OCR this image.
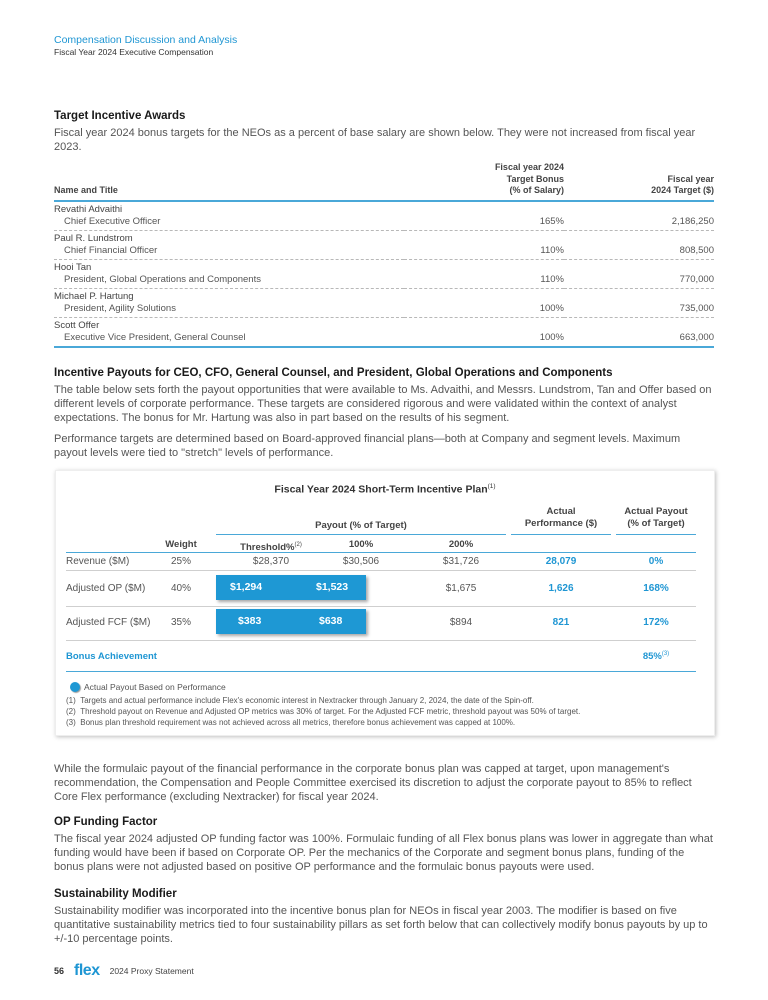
Compensation Discussion and Analysis
Fiscal Year 2024 Executive Compensation
Target Incentive Awards
Fiscal year 2024 bonus targets for the NEOs as a percent of base salary are shown below. They were not increased from fiscal year 2023.
Name and Title	
Fiscal year 2024
Target Bonus
(% of Salary)

Fiscal year
2024 Target ($)

Revathi Advaithi
Chief Executive Officer	165%	2,186,250

Paul R. Lundstrom
Chief Financial Officer	110%	808,500

Hooi Tan
President, Global Operations and Components	110%	770,000

Michael P. Hartung
President, Agility Solutions	100%	735,000

Scott Offer
Executive Vice President, General Counsel	100%	663,000
Incentive Payouts for CEO, CFO, General Counsel, and President, Global Operations and Components
The table below sets forth the payout opportunities that were available to Ms. Advaithi, and Messrs. Lundstrom, Tan and Offer based on different levels of corporate performance. These targets are considered rigorous and were validated within the context of analyst expectations. The bonus for Mr. Hartung was also in part based on the results of his segment.
Performance targets are determined based on Board-approved financial plans—both at Company and segment levels. Maximum payout levels were tied to "stretch" levels of performance.
Fiscal Year 2024 Short-Term Incentive Plan$^{(1)}$
Payout (% of Target)
Actual
Performance ($)
Actual Payout
(% of Target)
Weight	Threshold%$^{(2)}$	100%	200%
Revenue ($M)	25%	$28,370	$30,506	$31,726	28,079	0%
Adjusted OP ($M)	40%	$1,294	$1,523	$1,675	1,626	168%
Adjusted FCF ($M)	35%	$383	$638	$894	821	172%
Bonus Achievement	85%$^{(3)}$
Actual Payout Based on Performance
(1) Targets and actual performance include Flex's economic interest in Nextracker through January 2, 2024, the date of the Spin-off.
(2) Threshold payout on Revenue and Adjusted OP metrics was 30% of target. For the Adjusted FCF metric, threshold payout was 50% of target.
(3) Bonus plan threshold requirement was not achieved across all metrics, therefore bonus achievement was capped at 100%.
While the formulaic payout of the financial performance in the corporate bonus plan was capped at target, upon management's recommendation, the Compensation and People Committee exercised its discretion to adjust the corporate payout to 85% to reflect Core Flex performance (excluding Nextracker) for fiscal year 2024.
OP Funding Factor
The fiscal year 2024 adjusted OP funding factor was 100%. Formulaic funding of all Flex bonus plans was lower in aggregate than what funding would have been if based on Corporate OP. Per the mechanics of the Corporate and segment bonus plans, funding of the bonus plans were not adjusted based on positive OP performance and the formulaic bonus payouts were used.
Sustainability Modifier
Sustainability modifier was incorporated into the incentive bonus plan for NEOs in fiscal year 2003. The modifier is based on five quantitative sustainability metrics tied to four sustainability pillars as set forth below that can collectively modify bonus payouts by up to +/-10 percentage points.
56 flex 2024 Proxy Statement
